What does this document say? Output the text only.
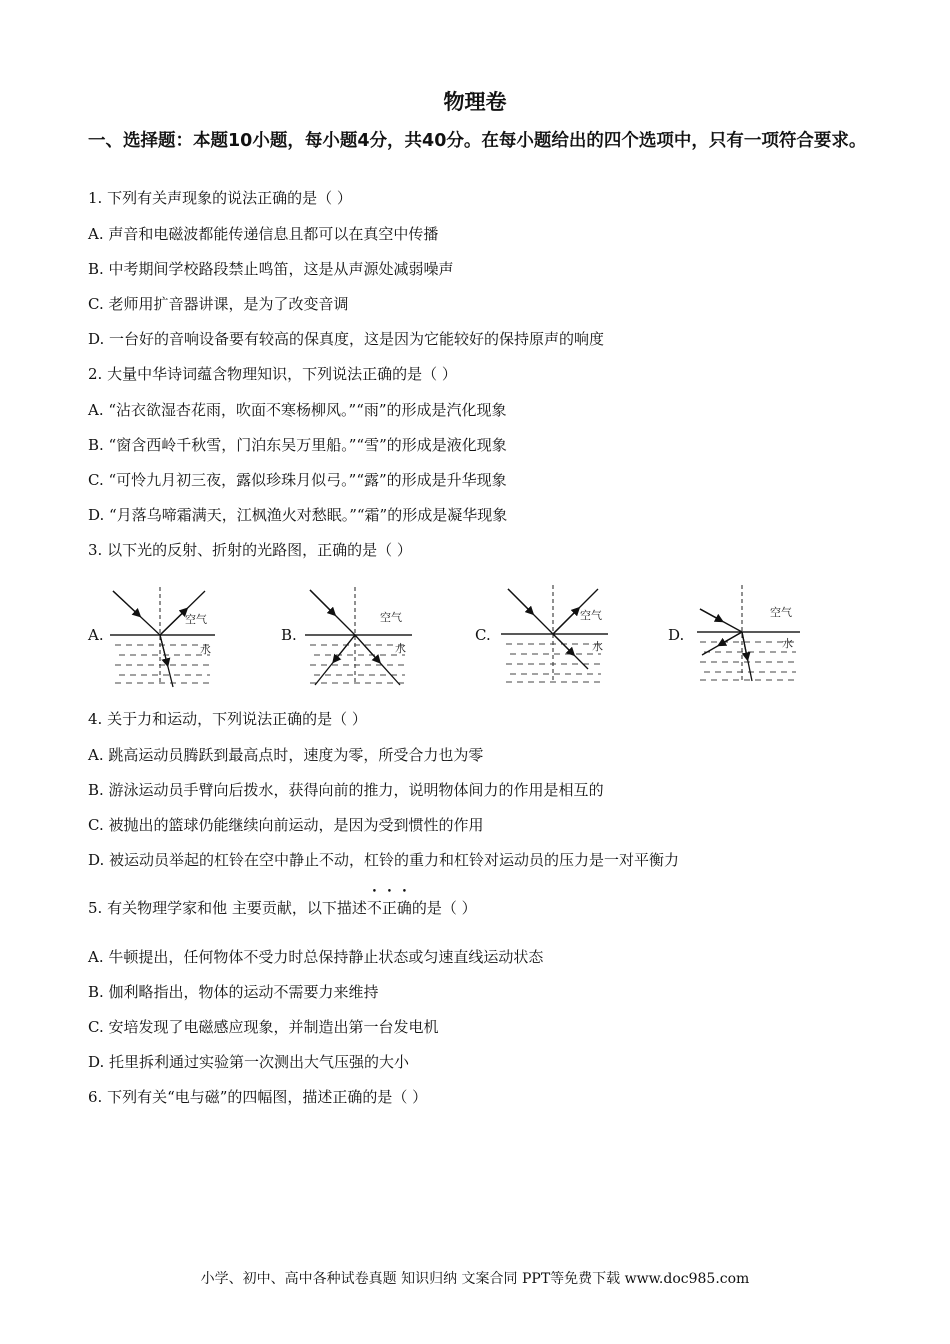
物理卷
一、选择题：本题10小题，每小题4分，共40分。在每小题给出的四个选项中，只有一项符合要求。
1. 下列有关声现象的说法正确的是（ ）
A. 声音和电磁波都能传递信息且都可以在真空中传播
B. 中考期间学校路段禁止鸣笛，这是从声源处减弱噪声
C. 老师用扩音器讲课，是为了改变音调
D. 一台好的音响设备要有较高的保真度，这是因为它能较好的保持原声的响度
2. 大量中华诗词蕴含物理知识，下列说法正确的是（ ）
A. “沾衣欲湿杏花雨，吹面不寒杨柳风。”“雨”的形成是汽化现象
B. “窗含西岭千秋雪，门泊东吴万里船。”“雪”的形成是液化现象
C. “可怜九月初三夜，露似珍珠月似弓。”“露”的形成是升华现象
D. “月落乌啼霜满天，江枫渔火对愁眠。”“霜”的形成是凝华现象
3. 以下光的反射、折射的光路图，正确的是（ ）
A.
空气
水
B.
空气
水
C.
空气
水
D.
空气
水
4. 关于力和运动，下列说法正确的是（ ）
A. 跳高运动员腾跃到最高点时，速度为零，所受合力也为零
B. 游泳运动员手臂向后拨水，获得向前的推力，说明物体间力的作用是相互的
C. 被抛出的篮球仍能继续向前运动，是因为受到惯性的作用
D. 被运动员举起的杠铃在空中静止不动，杠铃的重力和杠铃对运动员的压力是一对平衡力
5. 有关物理学家和他 主要贡献，以下描述不正确的是（ ）
A. 牛顿提出，任何物体不受力时总保持静止状态或匀速直线运动状态
B. 伽利略指出，物体的运动不需要力来维持
C. 安培发现了电磁感应现象，并制造出第一台发电机
D. 托里拆利通过实验第一次测出大气压强的大小
6. 下列有关“电与磁”的四幅图，描述正确的是（ ）
小学、初中、高中各种试卷真题 知识归纳 文案合同 PPT等免费下载 www.doc985.com
